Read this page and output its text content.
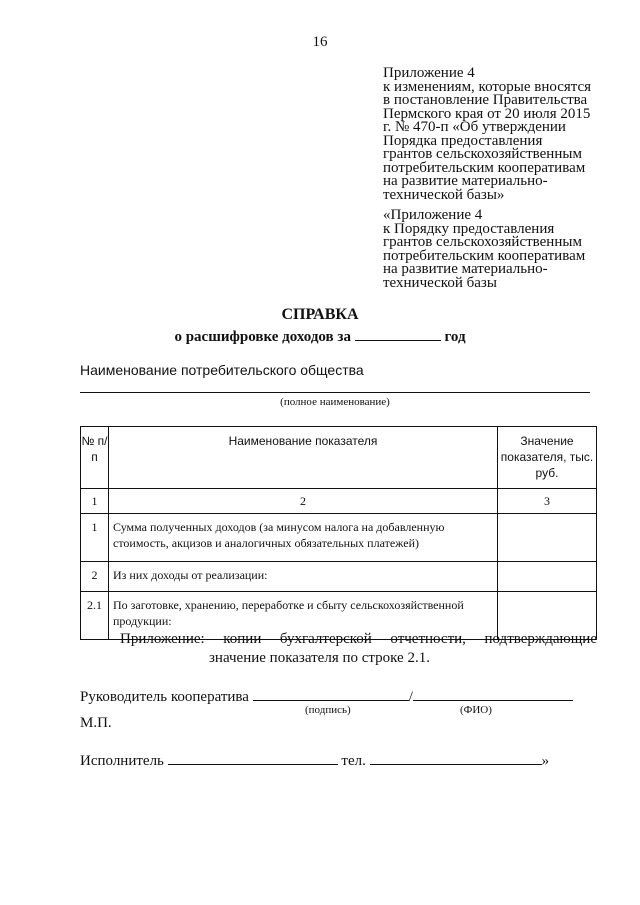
16
Приложение 4
к изменениям, которые вносятся
в постановление Правительства
Пермского края от 20 июля 2015
г. № 470-п «Об утверждении
Порядка предоставления
грантов сельскохозяйственным
потребительским кооперативам
на развитие материально-
технической базы»
«Приложение 4
к Порядку предоставления
грантов сельскохозяйственным
потребительским кооперативам
на развитие материально-
технической базы
СПРАВКА
о расшифровке доходов за	год
Наименование потребительского общества
(полное наименование)
№ п/п	Наименование показателя	Значение показателя, тыс. руб.
1	2	3
1	Сумма полученных доходов (за минусом налога на добавленную стоимость, акцизов и аналогичных обязательных платежей)	
2	Из них доходы от реализации:	
2.1	По заготовке, хранению, переработке и сбыту сельскохозяйственной продукции:	
Приложение: копии бухгалтерской отчетности, подтверждающие
значение показателя по строке 2.1.
Руководитель кооператива	/
(подпись)	(ФИО)
М.П.
Исполнитель	тел.	»
